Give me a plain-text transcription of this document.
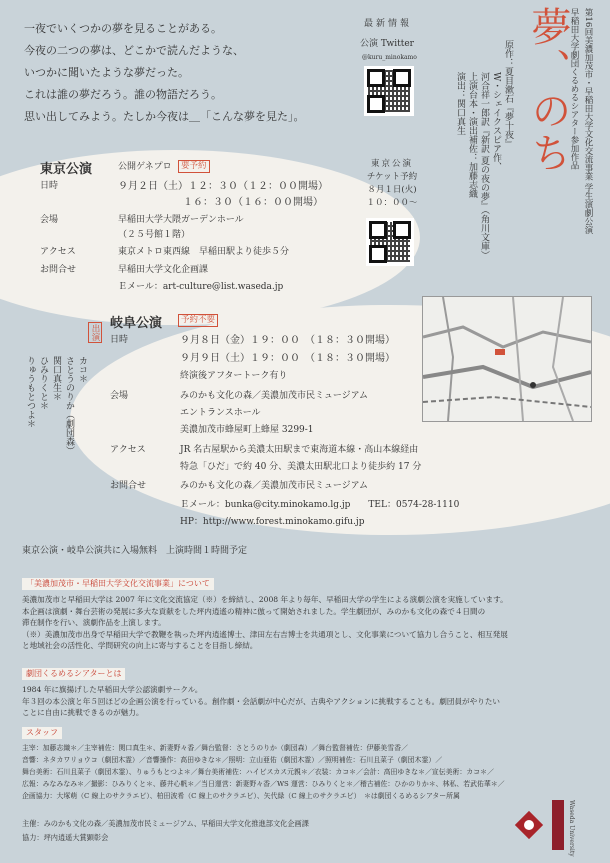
一夜でいくつかの夢を見ることがある。
今夜の二つの夢は、どこかで読んだような、
いつかに聞いたような夢だった。
これは誰の夢だろう。誰の物語だろう。
思い出してみよう。たしか今夜は＿「こんな夢を見た」。
最新情報
公演 Twitter
@kuru_minokamo
演出：関口真生 上演台本・演出補佐：加藤志織 河合祥一郎訳『新訳 夏の夜の夢』（角川文庫） W・シェイクスピア作、 原作：夏目漱石『夢十夜』 夢、のち
早稲田大学劇団くるめるシアター参加作品 第16回美濃加茂市・早稲田大学文化交流事業 学生演劇公演
東京公演	公開ゲネプロ	要予約
日時	９月２日（土）１２：３０（１２：００開場）
１６：３０（１６：００開場）
会場	早稲田大学大隈ガーデンホール
（２５号館１階）
アクセス	東京メトロ東西線　早稲田駅より徒歩５分
お問合せ	早稲田大学文化企画課
Ｅメール：art-culture@list.waseda.jp
東京公演
チケット予約
８月１日(火)
１０：００〜
岐阜公演	予約不要
日時	９月８日（金）１９：００　（１８：３０開場）
９月９日（土）１９：００　（１８：３０開場）
終演後アフタートーク有り
会場	みのかも文化の森／美濃加茂市民ミュージアム
エントランスホール
美濃加茂市蜂屋町上蜂屋 3299-1
アクセス	JR 名古屋駅から美濃太田駅まで東海道本線・高山本線経由
特急「ひだ」で約 40 分、美濃太田駅北口より徒歩約 17 分
お問合せ	みのかも文化の森／美濃加茂市民ミュージアム
Ｅメール：bunka@city.minokamo.lg.jp　　TEL：0574-28-1110
HP：http://www.forest.minokamo.gifu.jp
出演
カコ＊
さとうのりか（劇団森）
関口真生＊
ひみりくと＊
りゅうもとつよ＊
東京公演・岐阜公演共に入場無料　上演時間１時間予定
「美濃加茂市・早稲田大学文化交流事業」について
美濃加茂市と早稲田大学は 2007 年に文化交流協定（※）を締結し、2008 年より毎年、早稲田大学の学生による演劇公演を実施しています。
本企画は演劇・舞台芸術の発展に多大な貢献をした坪内逍遙の精神に倣って開始されました。学生劇団が、みのかも文化の森で４日間の
滞在制作を行い、演劇作品を上演します。
（※）美濃加茂市出身で早稲田大学で教鞭を執った坪内逍遙博士、津田左右吉博士を共通項とし、文化事業について協力し合うこと、相互発展
と地域社会の活性化、学問研究の向上に寄与することを目指し締結。
劇団くるめるシアターとは
1984 年に旗揚げした早稲田大学公認演劇サークル。
年３回の本公演と年５回ほどの企画公演を行っている。創作劇・会話劇が中心だが、古典やアクションに挑戦することも。劇団員がやりたい
ことに自由に挑戦できるのが魅力。
スタッフ
主宰：加藤志織＊／主宰補佐：関口真生＊、新妻野々香／舞台監督：さとうのりか（劇団森）／舞台監督補佐：伊藤美雪香／
音響：ネタカワリョウコ（劇団木霊）／音響操作：高田ゆきな＊／照明：立山亜佑（劇団木霊）／照明補佐：石川且菜子（劇団木霊）／
舞台美術：石川且菜子（劇団木霊）、りゅうもとつよ＊／舞台美術補佐：ハイビスカス元親＊／衣装：カコ＊／会計：高田ゆきな＊／宣伝美術：カコ＊／
広報：みなみなみ＊／撮影：ひみりくと＊、藤井心帆＊／当日運営：新妻野々香／WS 運営：ひみりくと＊／稽古補佐：ひかのりか＊、林私、若武佑華＊／
企画協力：大塚萌（C 線上のサクラエビ）、柏田波希（C 線上のサクラエビ）、矢代緑（C 線上のサクラエビ）　＊は劇団くるめるシアター所属
主催：みのかも文化の森／美濃加茂市民ミュージアム、早稲田大学文化推進部文化企画課
協力：坪内逍遥大賞顕彰会	Waseda University
